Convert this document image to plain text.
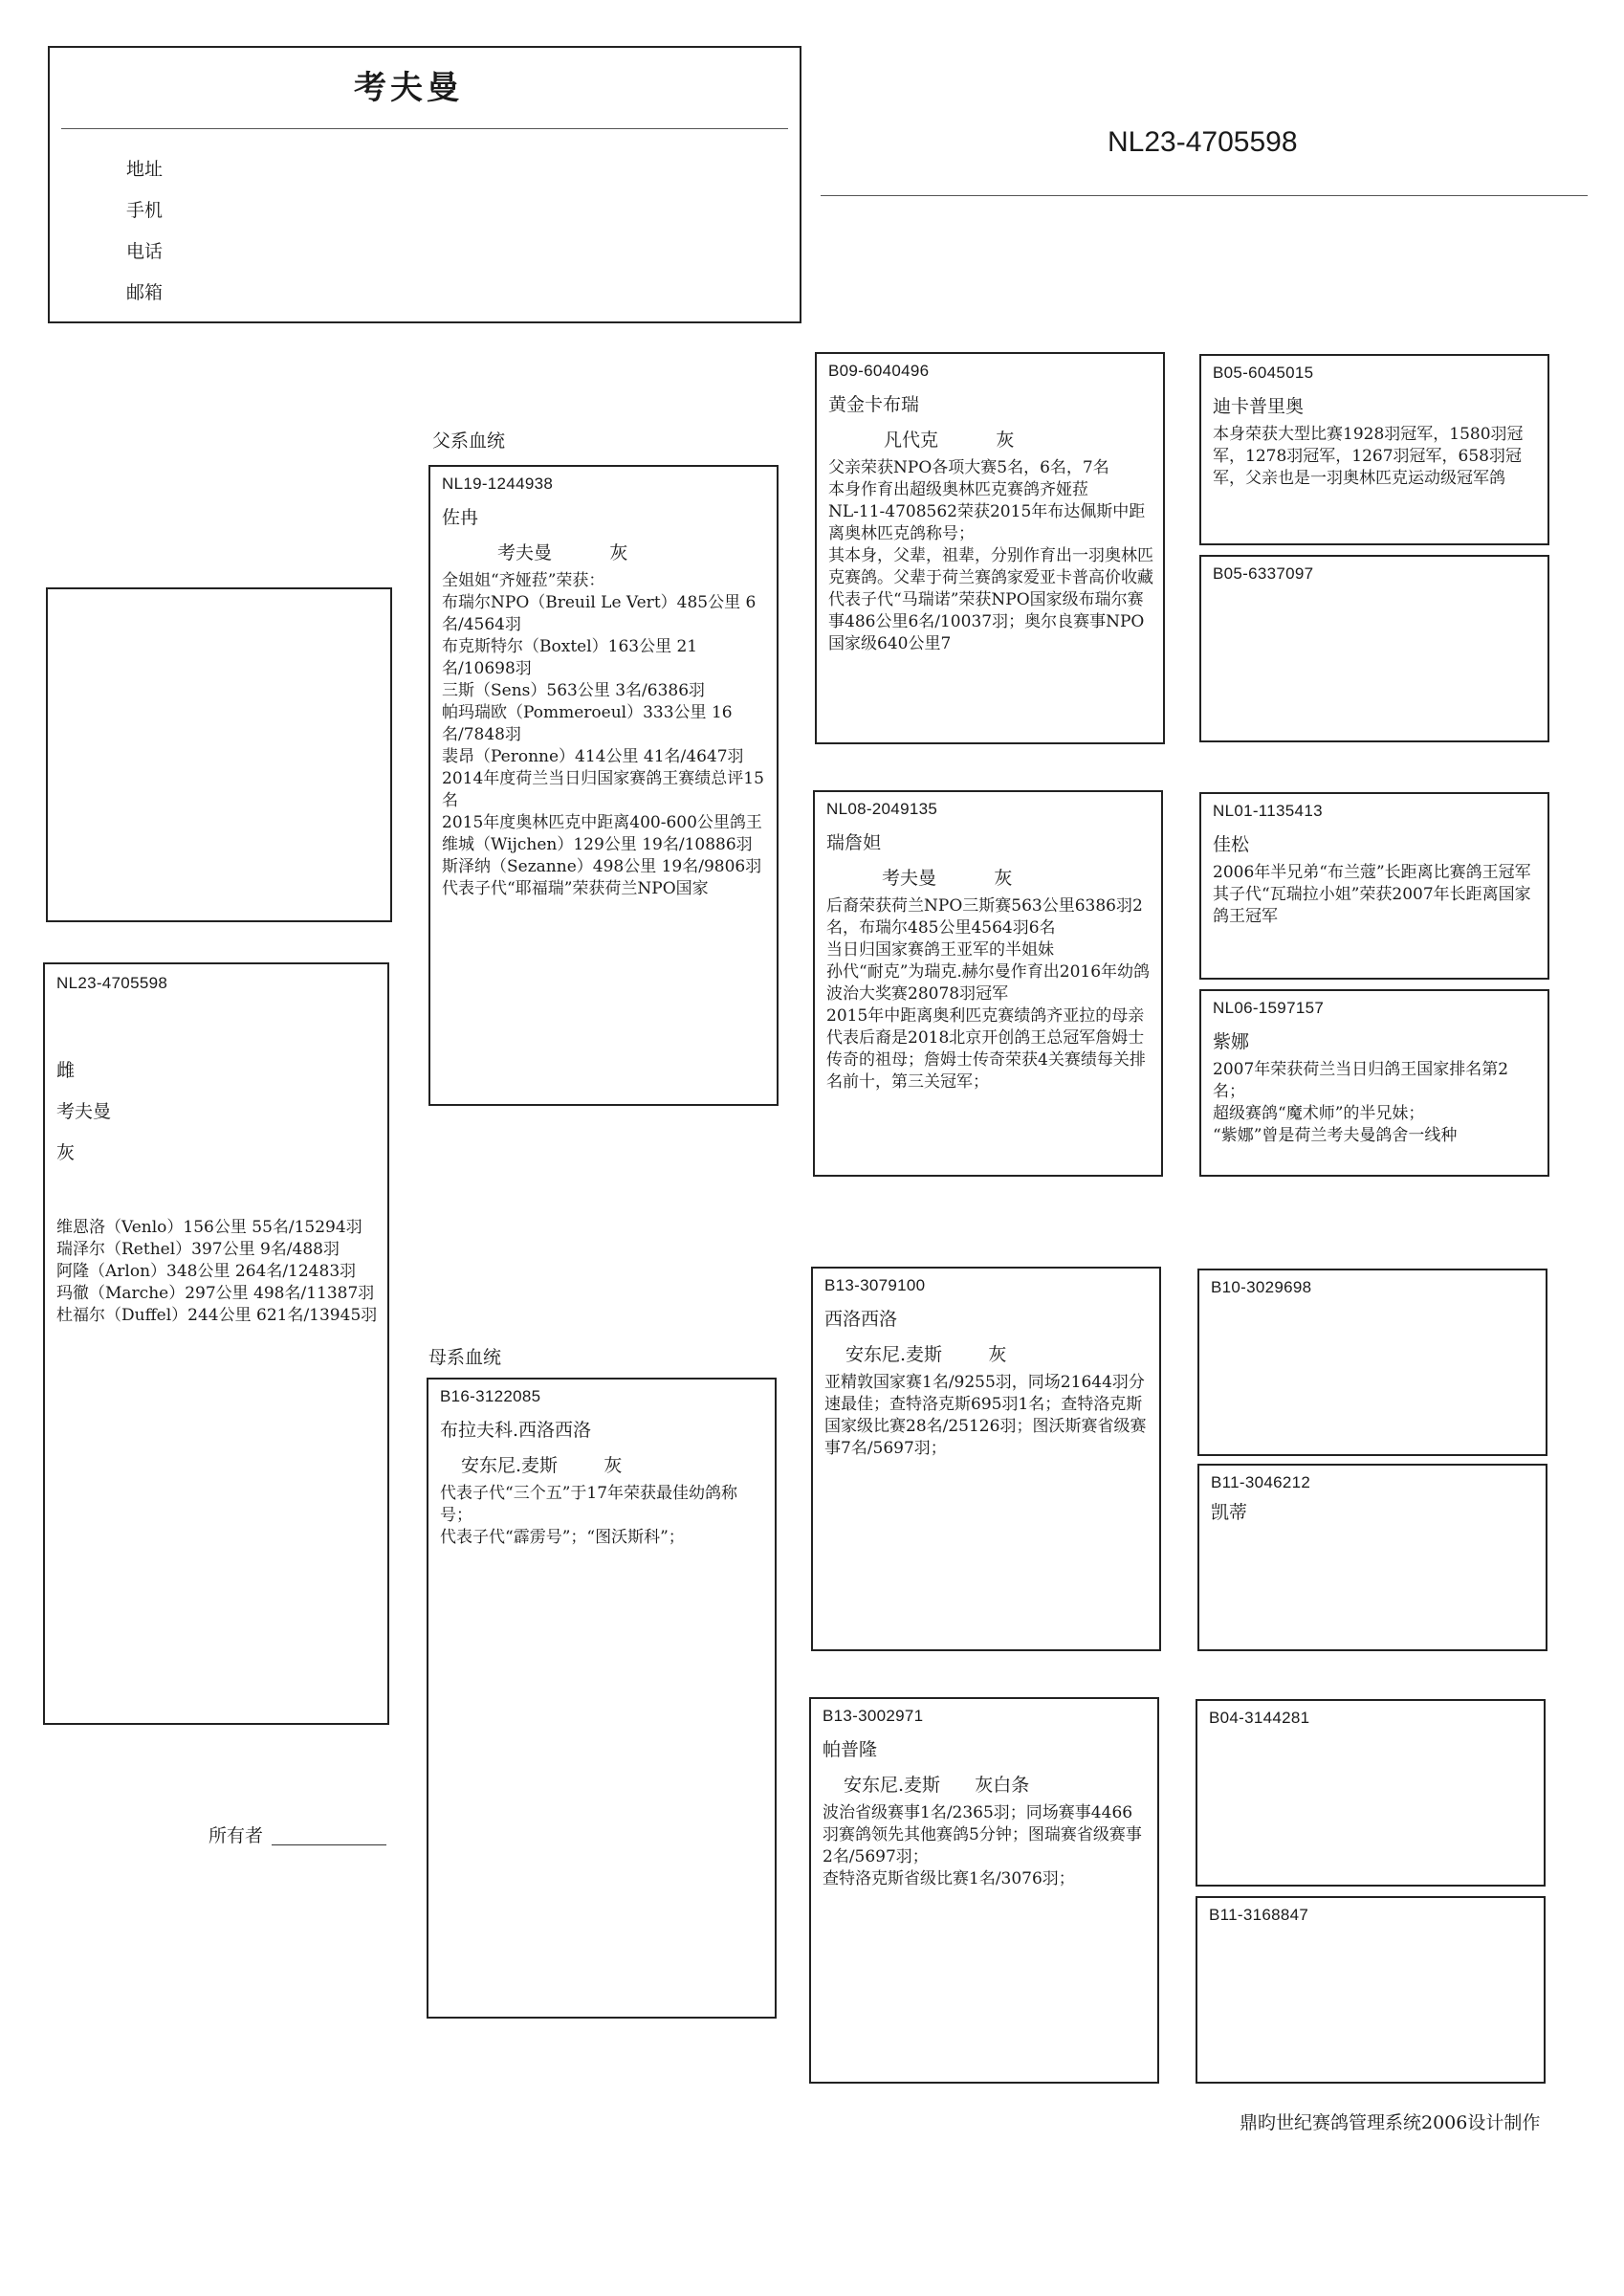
考夫曼
地址
手机
电话
邮箱
NL23-4705598
NL23-4705598
雌
考夫曼
灰
维恩洛（Venlo）156公里 55名/15294羽
瑞泽尔（Rethel）397公里 9名/488羽
阿隆（Arlon）348公里 264名/12483羽
玛徹（Marche）297公里 498名/11387羽
杜福尔（Duffel）244公里 621名/13945羽
所有者
父系血统
母系血统
NL19-1244938
佐冉
考夫曼          灰
全姐姐“齐娅菈”荣获：
布瑞尔NPO（Breuil Le Vert）485公里 6名/4564羽
布克斯特尔（Boxtel）163公里 21名/10698羽
三斯（Sens）563公里 3名/6386羽
帕玛瑞欧（Pommeroeul）333公里 16名/7848羽
裴昂（Peronne）414公里 41名/4647羽
2014年度荷兰当日归国家赛鸽王赛绩总评15名
2015年度奥林匹克中距离400-600公里鸽王
维城（Wijchen）129公里 19名/10886羽
斯泽纳（Sezanne）498公里 19名/9806羽
代表子代“耶福瑞”荣获荷兰NPO国家
B16-3122085
布拉夫科.西洛西洛
安东尼.麦斯        灰
代表子代“三个五”于17年荣获最佳幼鸽称号；
代表子代“霹雳号”；“图沃斯科”；
B09-6040496
黄金卡布瑞
凡代克          灰
父亲荣获NPO各项大赛5名，6名，7名
本身作育出超级奥林匹克赛鸽齐娅菈
NL-11-4708562荣获2015年布达佩斯中距离奥林匹克鸽称号；
其本身，父辈，祖辈，分别作育出一羽奥林匹克赛鸽。父辈于荷兰赛鸽家爱亚卡普高价收藏
代表子代“马瑞诺”荣获NPO国家级布瑞尔赛事486公里6名/10037羽；奥尔良赛事NPO国家级640公里7
NL08-2049135
瑞詹妲
考夫曼          灰
后裔荣获荷兰NPO三斯赛563公里6386羽2名，布瑞尔485公里4564羽6名
当日归国家赛鸽王亚军的半姐妹
孙代“耐克”为瑞克.赫尔曼作育出2016年幼鸽波治大奖赛28078羽冠军
2015年中距离奥利匹克赛绩鸽齐亚拉的母亲
代表后裔是2018北京开创鸽王总冠军詹姆士传奇的祖母；詹姆士传奇荣获4关赛绩每关排名前十，第三关冠军；
B13-3079100
西洛西洛
安东尼.麦斯        灰
亚精敦国家赛1名/9255羽，同场21644羽分速最佳；查特洛克斯695羽1名；查特洛克斯国家级比赛28名/25126羽；图沃斯赛省级赛事7名/5697羽；
B13-3002971
帕普隆
安东尼.麦斯      灰白条
波治省级赛事1名/2365羽；同场赛事4466羽赛鸽领先其他赛鸽5分钟；图瑞赛省级赛事2名/5697羽；
查特洛克斯省级比赛1名/3076羽；
B05-6045015
迪卡普里奥
本身荣获大型比赛1928羽冠军，1580羽冠军，1278羽冠军，1267羽冠军，658羽冠军，父亲也是一羽奥林匹克运动级冠军鸽
B05-6337097
NL01-1135413
佳松
2006年半兄弟“布兰蔻”长距离比赛鸽王冠军
其子代“瓦瑞拉小姐”荣获2007年长距离国家鸽王冠军
NL06-1597157
紫娜
2007年荣获荷兰当日归鸽王国家排名第2名；
超级赛鸽“魔术师”的半兄妹；
“紫娜”曾是荷兰考夫曼鸽舍一线种
B10-3029698
B11-3046212
凯蒂
B04-3144281
B11-3168847
鼎昀世纪赛鸽管理系统2006设计制作
